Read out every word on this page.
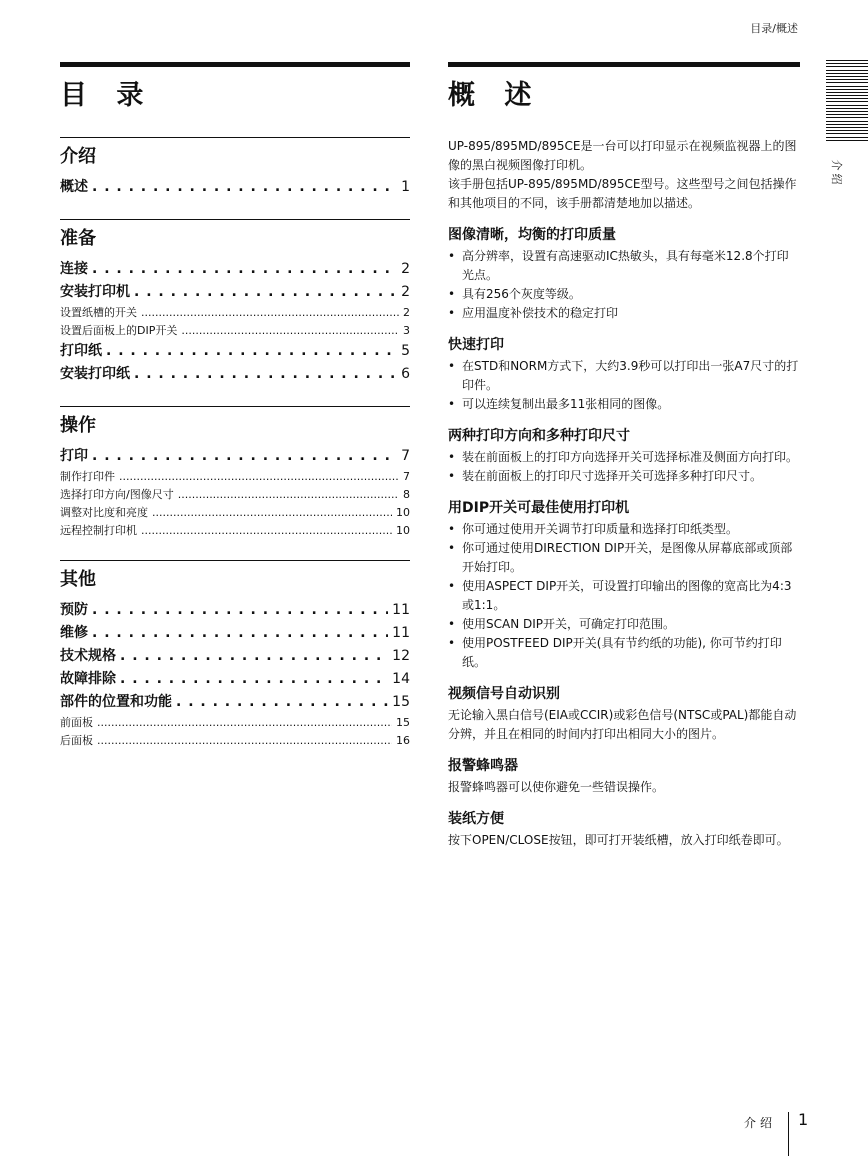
目录/概述
介
绍
目 录
介绍
概述 . . .	1
准备
连接 . . .	2
安装打印机 . . .	2
设置纸槽的开关 .....	2
设置后面板上的DIP开关 .....	3
打印纸 . . .	5
安装打印纸 . . .	6
操作
打印 . . .	7
制作打印件 .....	7
选择打印方向/图像尺寸 .....	8
调整对比度和亮度 .....	10
远程控制打印机 .....	10
其他
预防 . . .	11
维修 . . .	11
技术规格 . . .	12
故障排除 . . .	14
部件的位置和功能 . . .	15
前面板 .....	15
后面板 .....	16
概 述

UP-895/895MD/895CE是一台可以打印显示在视频监视器上的图像的黑白视频图像打印机。

该手册包括UP-895/895MD/895CE型号。这些型号之间包括操作和其他项目的不同，该手册都清楚地加以描述。

图像清晰，均衡的打印质量
• 高分辨率，设置有高速驱动IC热敏头，具有每毫米12.8个打印光点。
• 具有256个灰度等级。
• 应用温度补偿技术的稳定打印
快速打印
• 在STD和NORM方式下，大约3.9秒可以打印出一张A7尺寸的打印件。
• 可以连续复制出最多11张相同的图像。
两种打印方向和多种打印尺寸
• 装在前面板上的打印方向选择开关可选择标准及侧面方向打印。
• 装在前面板上的打印尺寸选择开关可选择多种打印尺寸。
用DIP开关可最佳使用打印机
• 你可通过使用开关调节打印质量和选择打印纸类型。
• 你可通过使用DIRECTION DIP开关，是图像从屏幕底部或顶部开始打印。
• 使用ASPECT DIP开关，可设置打印输出的图像的宽高比为4:3或1:1。
• 使用SCAN DIP开关，可确定打印范围。
• 使用POSTFEED DIP开关(具有节约纸的功能), 你可节约打印纸。
视频信号自动识别

无论输入黑白信号(EIA或CCIR)或彩色信号(NTSC或PAL)都能自动分辨，并且在相同的时间内打印出相同大小的图片。

报警蜂鸣器

报警蜂鸣器可以使你避免一些错误操作。

装纸方便

按下OPEN/CLOSE按钮，即可打开装纸槽，放入打印纸卷即可。

介绍 1
